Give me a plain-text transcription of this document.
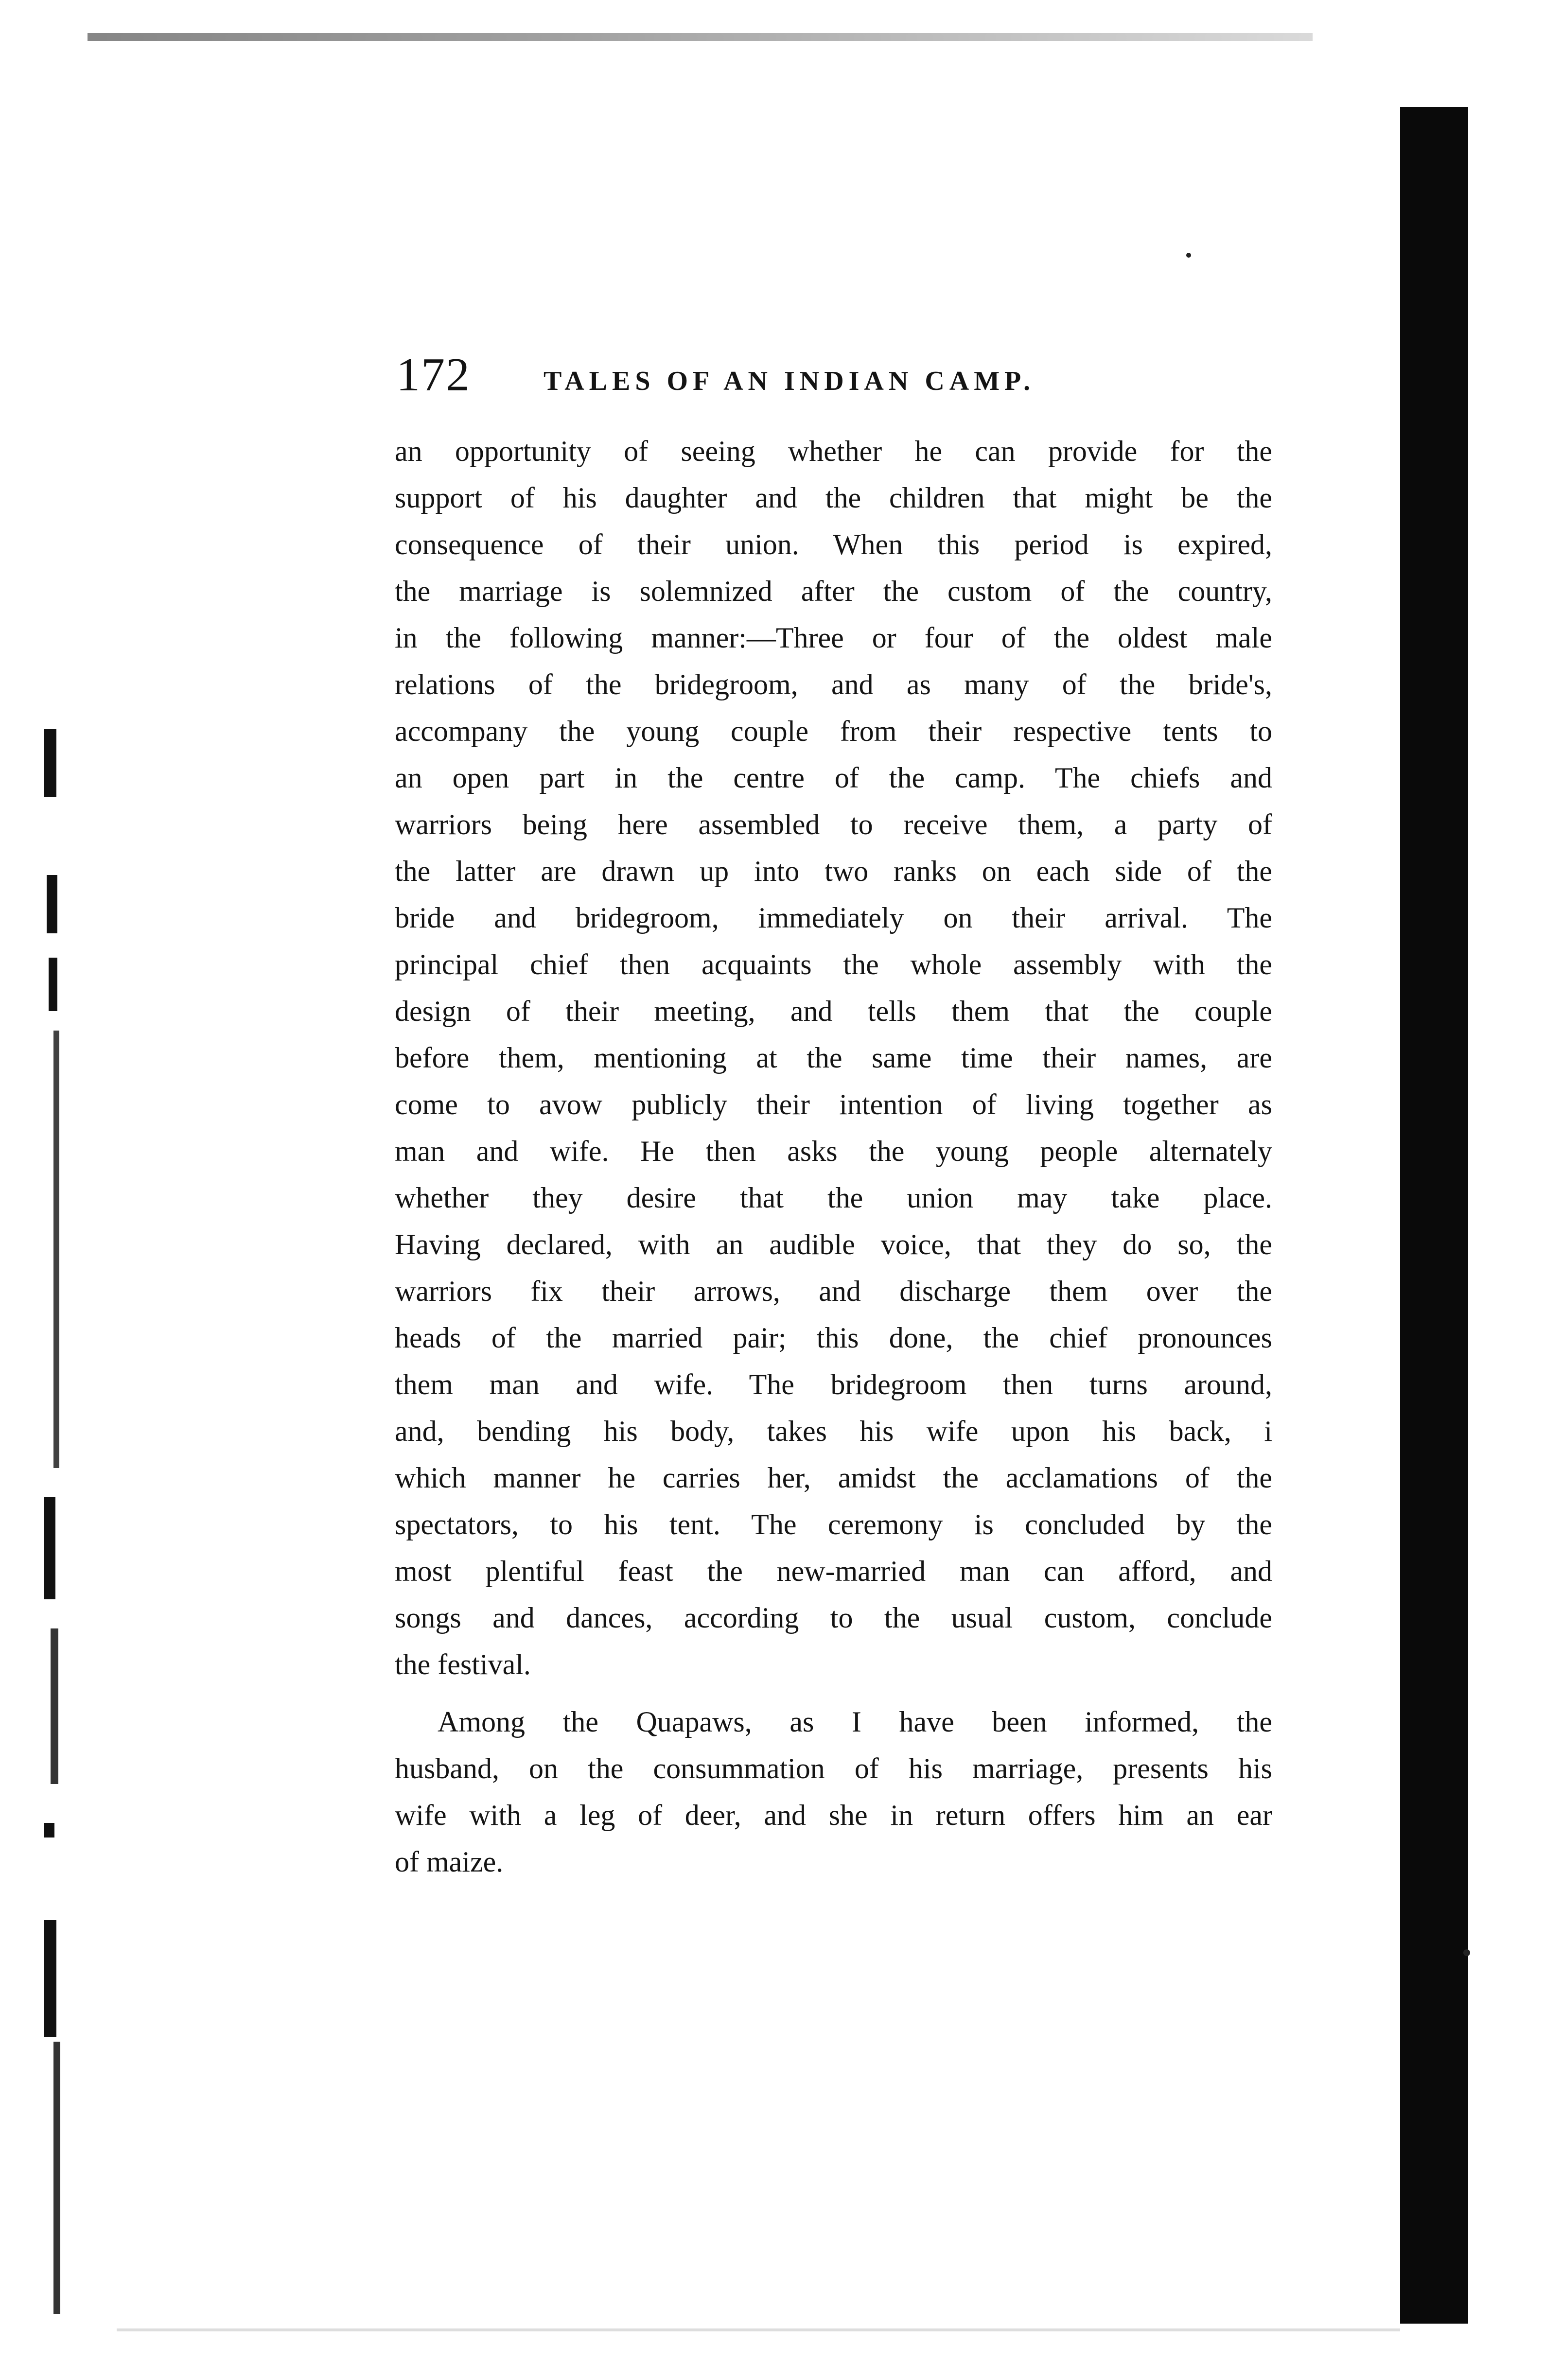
172	TALES OF AN INDIAN CAMP.
an opportunity of seeing whether he can provide for the
support of his daughter and the children that might be the
consequence of their union. When this period is expired,
the marriage is solemnized after the custom of the country,
in the following manner:—Three or four of the oldest male
relations of the bridegroom, and as many of the bride's,
accompany the young couple from their respective tents to
an open part in the centre of the camp. The chiefs and
warriors being here assembled to receive them, a party of
the latter are drawn up into two ranks on each side of the
bride and bridegroom, immediately on their arrival. The
principal chief then acquaints the whole assembly with the
design of their meeting, and tells them that the couple
before them, mentioning at the same time their names, are
come to avow publicly their intention of living together as
man and wife. He then asks the young people alternately
whether they desire that the union may take place.
Having declared, with an audible voice, that they do so, the
warriors fix their arrows, and discharge them over the
heads of the married pair; this done, the chief pronounces
them man and wife. The bridegroom then turns around,
and, bending his body, takes his wife upon his back, i
which manner he carries her, amidst the acclamations of the
spectators, to his tent. The ceremony is concluded by the
most plentiful feast the new-married man can afford, and
songs and dances, according to the usual custom, conclude
the festival.
Among the Quapaws, as I have been informed, the
husband, on the consummation of his marriage, presents his
wife with a leg of deer, and she in return offers him an ear
of maize.
